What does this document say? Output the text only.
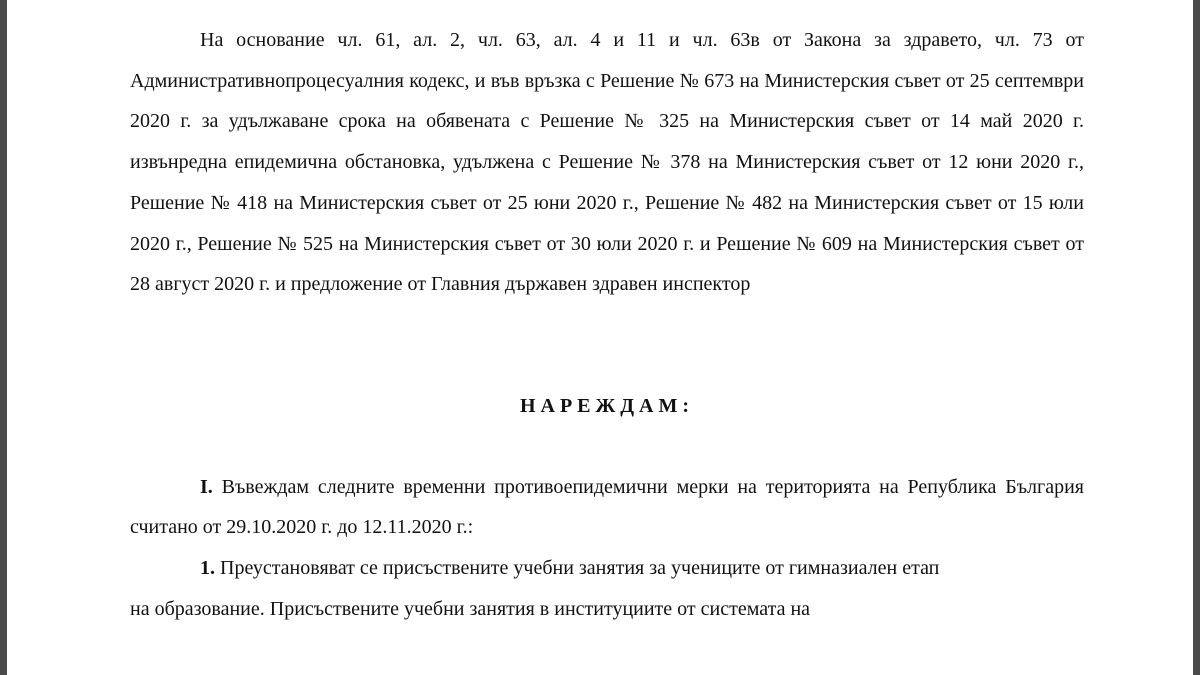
На основание чл. 61, ал. 2, чл. 63, ал. 4 и 11 и чл. 63в от Закона за здравето, чл. 73 от Административнопроцесуалния кодекс, и във връзка с Решение № 673 на Министерския съвет от 25 септември 2020 г. за удължаване срока на обявената с Решение № 325 на Министерския съвет от 14 май 2020 г. извънредна епидемична обстановка, удължена с Решение № 378 на Министерския съвет от 12 юни 2020 г., Решение № 418 на Министерския съвет от 25 юни 2020 г., Решение № 482 на Министерския съвет от 15 юли 2020 г., Решение № 525 на Министерския съвет от 30 юли 2020 г. и Решение № 609 на Министерския съвет от 28 август 2020 г. и предложение от Главния държавен здравен инспектор

НАРЕЖДАМ:

I. Въвеждам следните временни противоепидемични мерки на територията на Република България считано от 29.10.2020 г. до 12.11.2020 г.:

1. Преустановяват се присъствените учебни занятия за учениците от гимназиален етап

на образование. Присъствените учебни занятия в институциите от системата на
